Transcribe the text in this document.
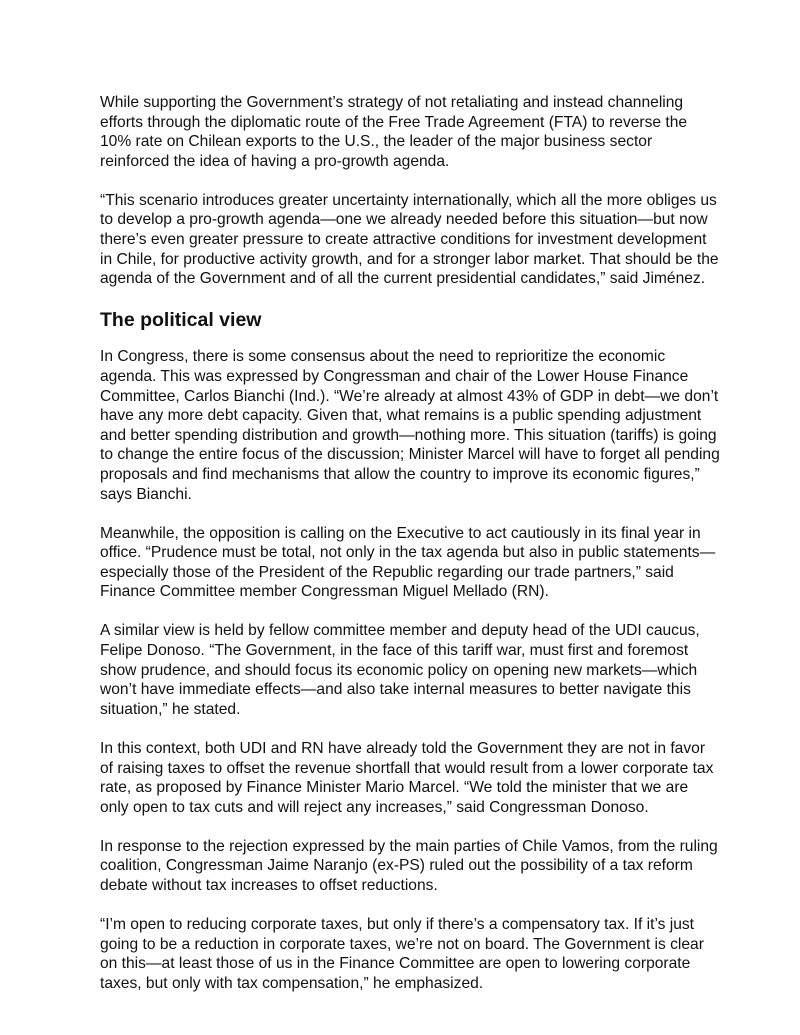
While supporting the Government’s strategy of not retaliating and instead channeling efforts through the diplomatic route of the Free Trade Agreement (FTA) to reverse the 10% rate on Chilean exports to the U.S., the leader of the major business sector reinforced the idea of having a pro-growth agenda.

“This scenario introduces greater uncertainty internationally, which all the more obliges us to develop a pro-growth agenda—one we already needed before this situation—but now there’s even greater pressure to create attractive conditions for investment development in Chile, for productive activity growth, and for a stronger labor market. That should be the agenda of the Government and of all the current presidential candidates,” said Jiménez.

The political view

In Congress, there is some consensus about the need to reprioritize the economic agenda. This was expressed by Congressman and chair of the Lower House Finance Committee, Carlos Bianchi (Ind.). “We’re already at almost 43% of GDP in debt—we don’t have any more debt capacity. Given that, what remains is a public spending adjustment and better spending distribution and growth—nothing more. This situation (tariffs) is going to change the entire focus of the discussion; Minister Marcel will have to forget all pending proposals and find mechanisms that allow the country to improve its economic figures,” says Bianchi.

Meanwhile, the opposition is calling on the Executive to act cautiously in its final year in office. “Prudence must be total, not only in the tax agenda but also in public statements—especially those of the President of the Republic regarding our trade partners,” said Finance Committee member Congressman Miguel Mellado (RN).

A similar view is held by fellow committee member and deputy head of the UDI caucus, Felipe Donoso. “The Government, in the face of this tariff war, must first and foremost show prudence, and should focus its economic policy on opening new markets—which won’t have immediate effects—and also take internal measures to better navigate this situation,” he stated.

In this context, both UDI and RN have already told the Government they are not in favor of raising taxes to offset the revenue shortfall that would result from a lower corporate tax rate, as proposed by Finance Minister Mario Marcel. “We told the minister that we are only open to tax cuts and will reject any increases,” said Congressman Donoso.

In response to the rejection expressed by the main parties of Chile Vamos, from the ruling coalition, Congressman Jaime Naranjo (ex-PS) ruled out the possibility of a tax reform debate without tax increases to offset reductions.

“I’m open to reducing corporate taxes, but only if there’s a compensatory tax. If it’s just going to be a reduction in corporate taxes, we’re not on board. The Government is clear on this—at least those of us in the Finance Committee are open to lowering corporate taxes, but only with tax compensation,” he emphasized.
